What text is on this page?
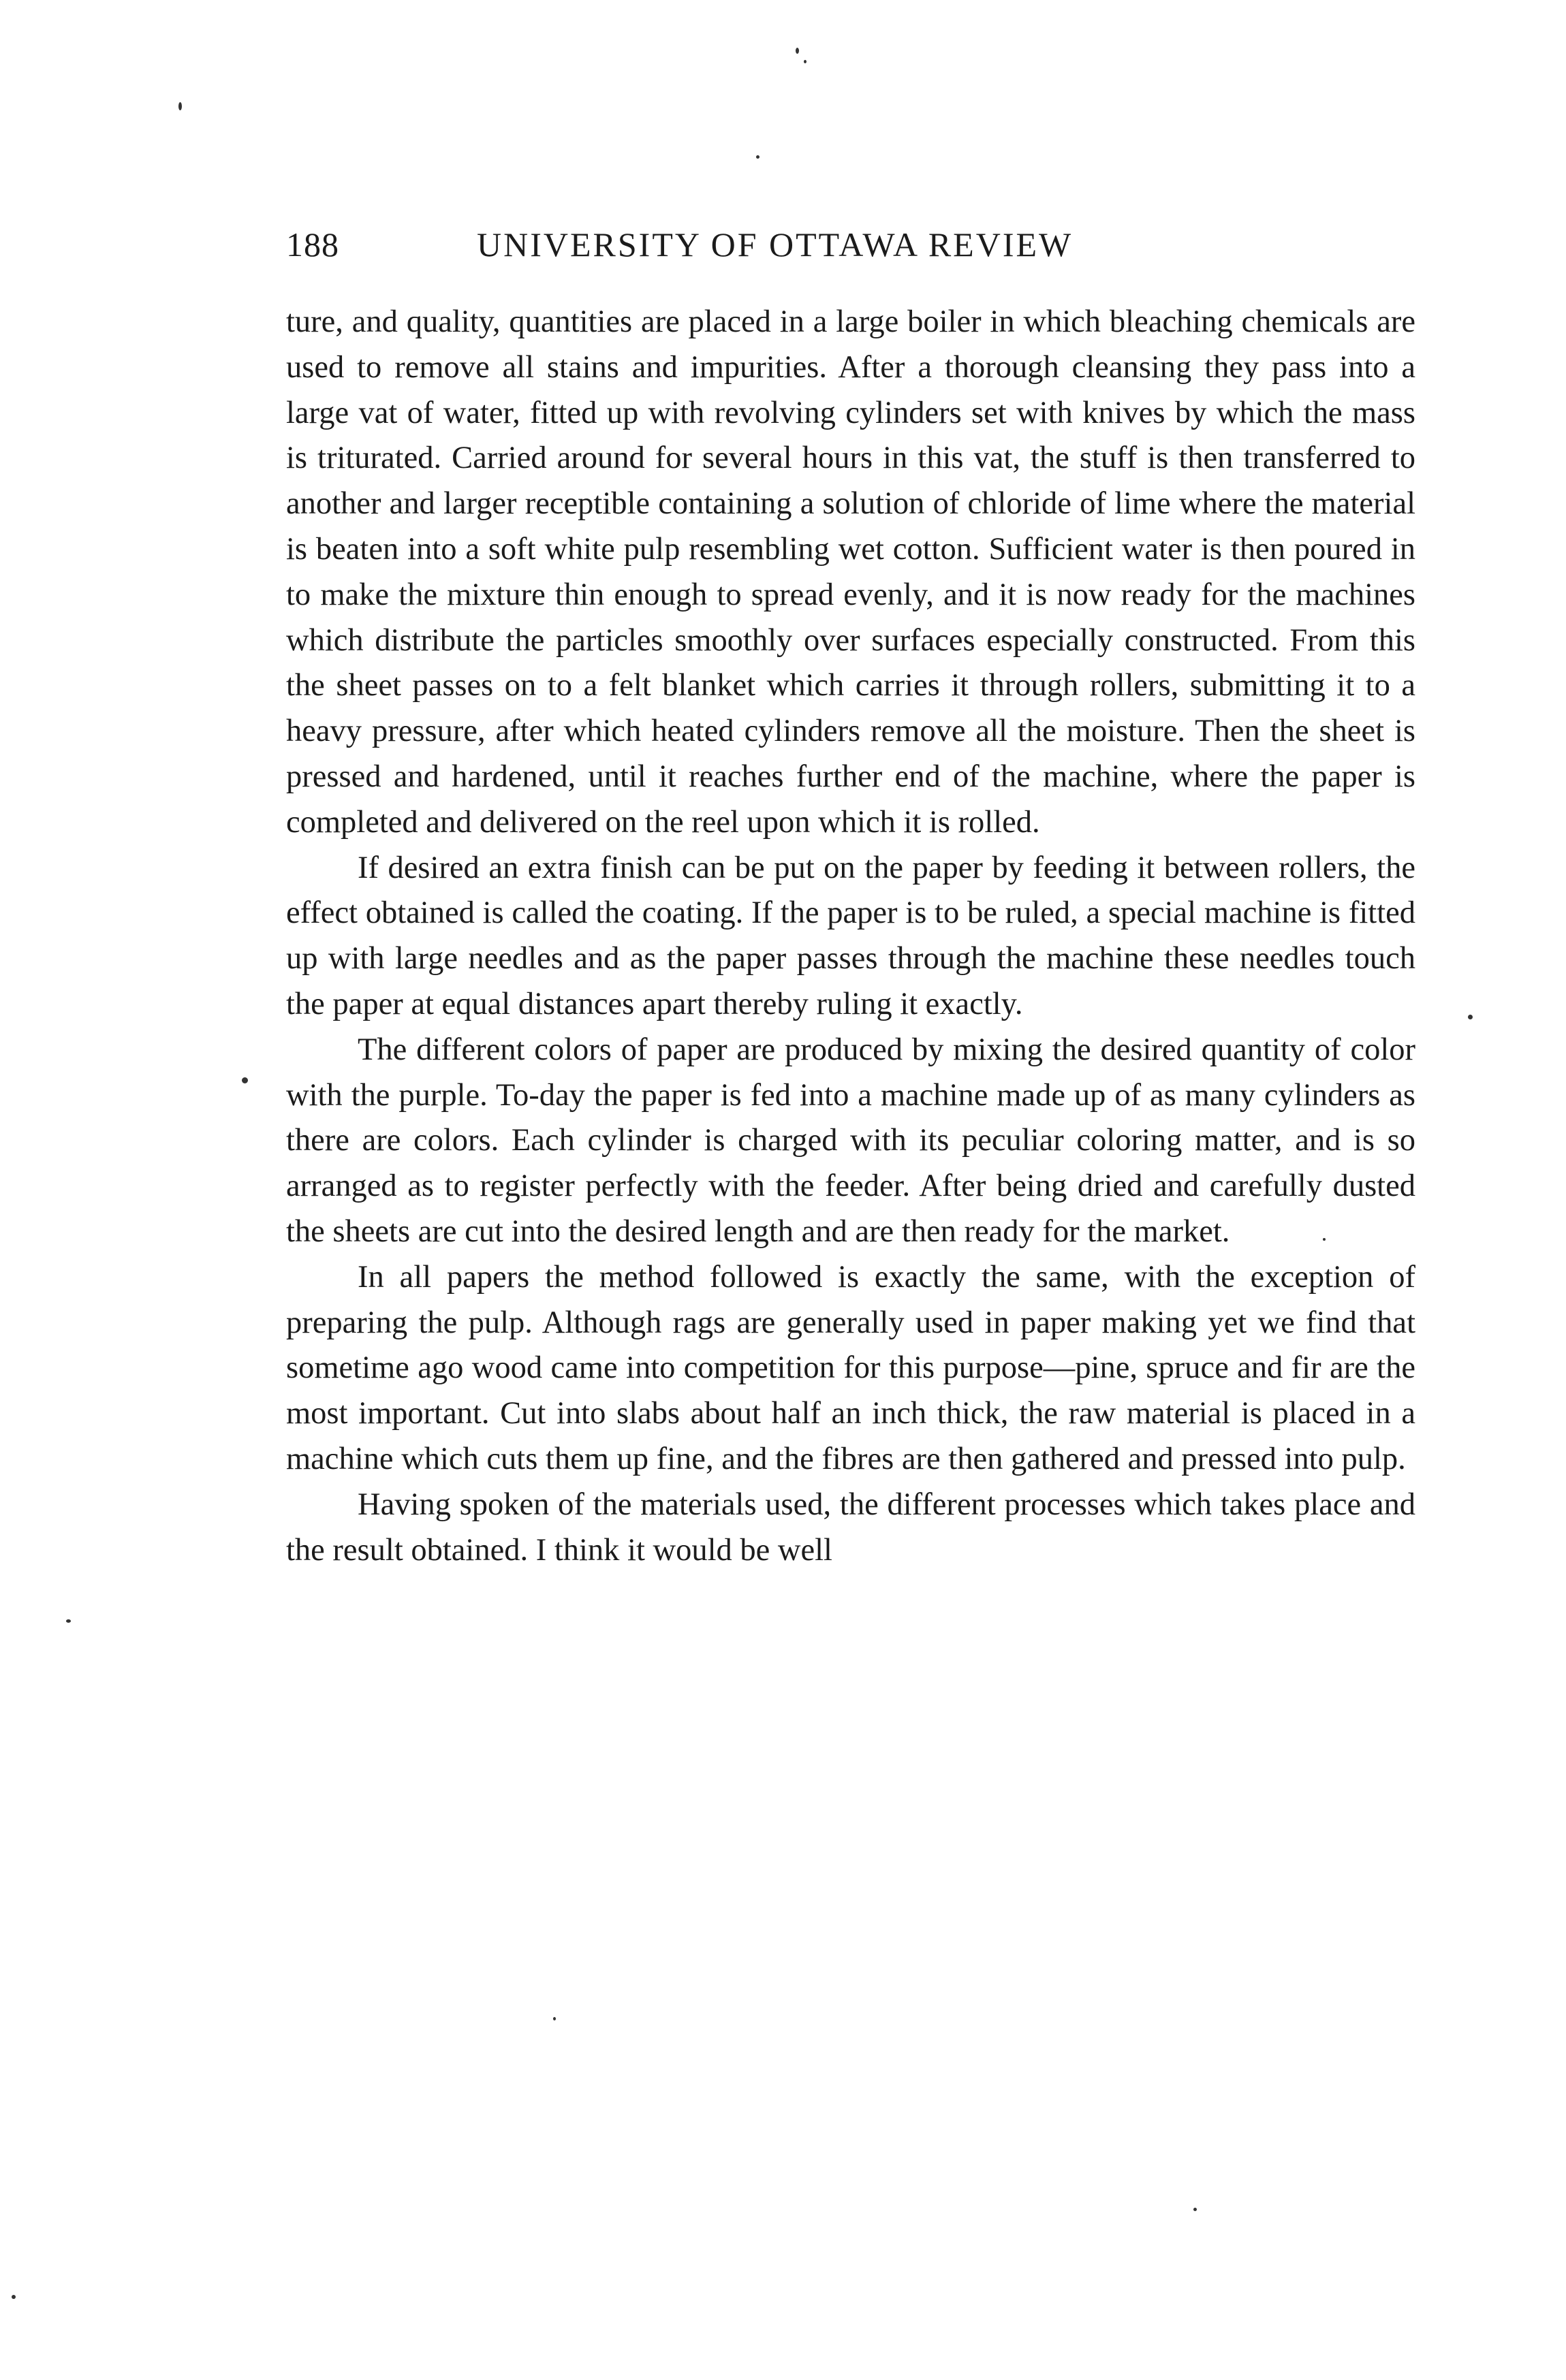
188	UNIVERSITY OF OTTAWA REVIEW

ture, and quality, quantities are placed in a large boiler in which bleaching chemicals are used to remove all stains and impurities. After a thorough cleansing they pass into a large vat of water, fitted up with revolving cylinders set with knives by which the mass is triturated. Carried around for several hours in this vat, the stuff is then transferred to another and larger receptible containing a solution of chloride of lime where the material is beaten into a soft white pulp resembling wet cotton. Sufficient water is then poured in to make the mixture thin enough to spread evenly, and it is now ready for the machines which distribute the particles smoothly over surfaces especially constructed. From this the sheet passes on to a felt blanket which carries it through rollers, submitting it to a heavy pressure, after which heated cylinders remove all the moisture. Then the sheet is pressed and hardened, until it reaches further end of the machine, where the paper is completed and delivered on the reel upon which it is rolled.

If desired an extra finish can be put on the paper by feeding it between rollers, the effect obtained is called the coating. If the paper is to be ruled, a special machine is fitted up with large needles and as the paper passes through the machine these needles touch the paper at equal distances apart thereby ruling it exactly.

The different colors of paper are produced by mixing the desired quantity of color with the purple. To-day the paper is fed into a machine made up of as many cylinders as there are colors. Each cylinder is charged with its peculiar coloring matter, and is so arranged as to register perfectly with the feeder. After being dried and carefully dusted the sheets are cut into the desired length and are then ready for the market.

In all papers the method followed is exactly the same, with the exception of preparing the pulp. Although rags are generally used in paper making yet we find that sometime ago wood came into competition for this purpose—pine, spruce and fir are the most important. Cut into slabs about half an inch thick, the raw material is placed in a machine which cuts them up fine, and the fibres are then gathered and pressed into pulp.

Having spoken of the materials used, the different processes which takes place and the result obtained. I think it would be well
